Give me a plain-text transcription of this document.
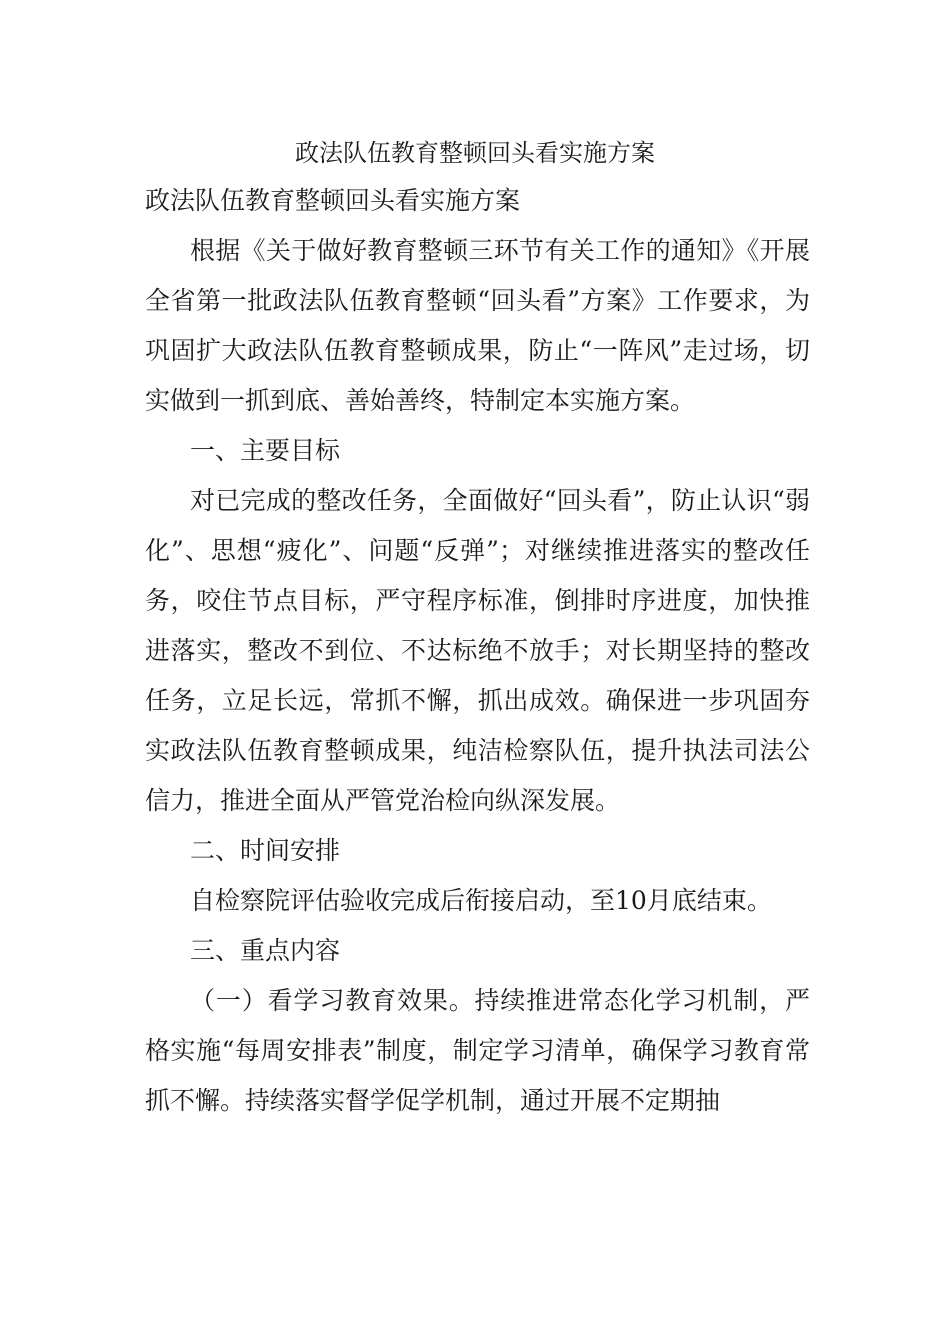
政法队伍教育整顿回头看实施方案
政法队伍教育整顿回头看实施方案

根据《关于做好教育整顿三环节有关工作的通知》《开展全省第一批政法队伍教育整顿“回头看”方案》工作要求，为巩固扩大政法队伍教育整顿成果，防止“一阵风”走过场，切实做到一抓到底、善始善终，特制定本实施方案。

一、主要目标

对已完成的整改任务，全面做好“回头看”，防止认识“弱化”、思想“疲化”、问题“反弹”；对继续推进落实的整改任务，咬住节点目标，严守程序标准，倒排时序进度，加快推进落实，整改不到位、不达标绝不放手；对长期坚持的整改任务，立足长远，常抓不懈，抓出成效。确保进一步巩固夯实政法队伍教育整顿成果，纯洁检察队伍，提升执法司法公信力，推进全面从严管党治检向纵深发展。

二、时间安排

自检察院评估验收完成后衔接启动，至10月底结束。

三、重点内容

（一）看学习教育效果。持续推进常态化学习机制，严格实施“每周安排表”制度，制定学习清单，确保学习教育常抓不懈。持续落实督学促学机制，通过开展不定期抽
